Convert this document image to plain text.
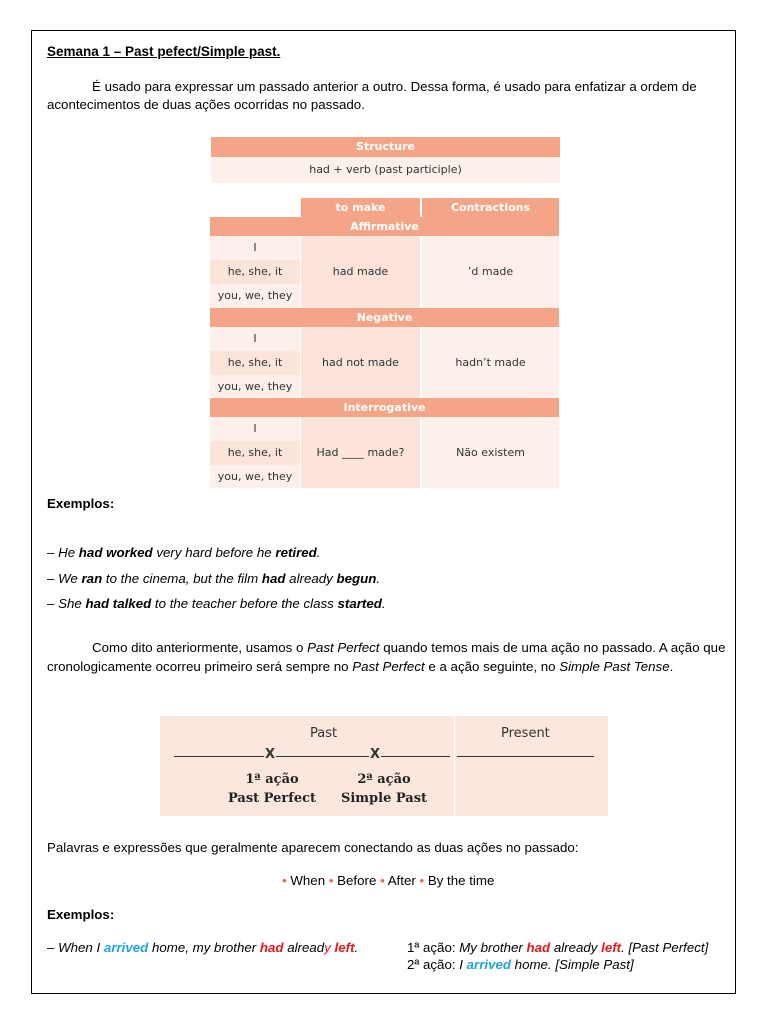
Semana 1 – Past pefect/Simple past.
É usado para expressar um passado anterior a outro. Dessa forma, é usado para enfatizar a ordem de
acontecimentos de duas ações ocorridas no passado.
Structure
had + verb (past participle)
to make	Contractions
Affirmative
I
he, she, it
you, we, they
had made	’d made
Negative
I
he, she, it
you, we, they
had not made	hadn’t made
Interrogative
I
he, she, it
you, we, they
Had ____ made?	Não existem
Exemplos:
– He had worked very hard before he retired.
– We ran to the cinema, but the film had already begun.
– She had talked to the teacher before the class started.
Como dito anteriormente, usamos o Past Perfect quando temos mais de uma ação no passado. A ação que
cronologicamente ocorreu primeiro será sempre no Past Perfect e a ação seguinte, no Simple Past Tense.
Past	Present
X	X
1ª ação
Past Perfect
2ª ação
Simple Past
Palavras e expressões que geralmente aparecem conectando as duas ações no passado:
• When • Before • After • By the time
Exemplos:
– When I arrived home, my brother had already left.	1ª ação: My brother had already left. [Past Perfect]
2ª ação: I arrived home. [Simple Past]
